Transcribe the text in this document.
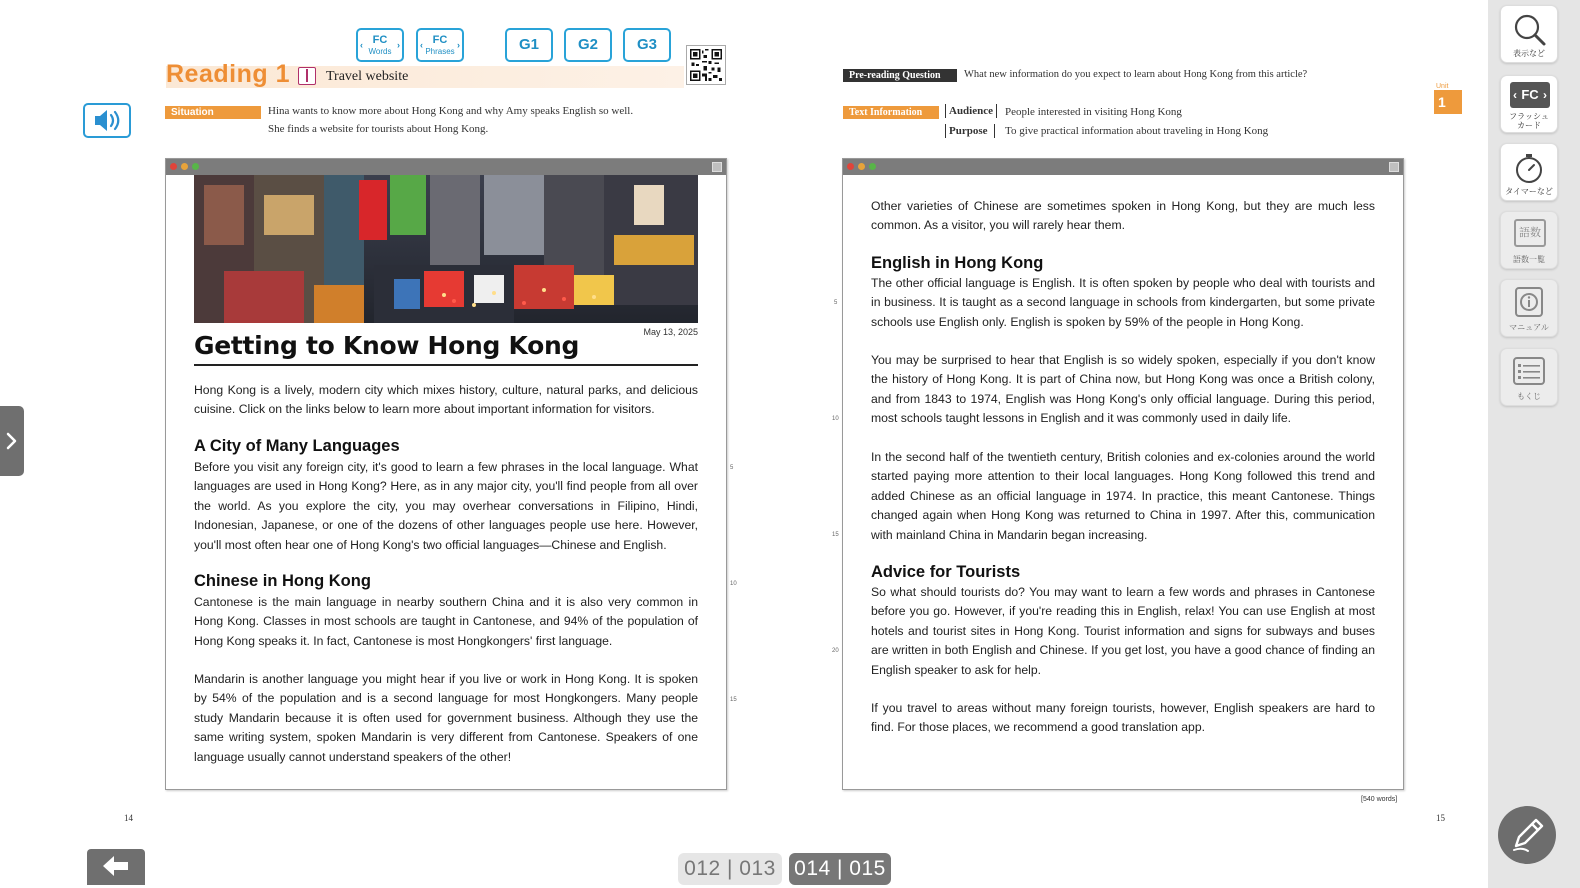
‹ FC
Words
› ‹ FC
Phrases
›	G1	G2	G3
Reading 1	Travel website
Situation	Hina wants to know more about Hong Kong and why Amy speaks English so well.
She finds a website for tourists about Hong Kong.
May 13, 2025
Getting to Know Hong Kong
Hong Kong is a lively, modern city which mixes history, culture, natural parks, and delicious cuisine. Click on the links below to learn more about important information for visitors.
A City of Many Languages
Before you visit any foreign city, it's good to learn a few phrases in the local language. What languages are used in Hong Kong? Here, as in any major city, you'll find people from all over the world. As you explore the city, you may overhear conversations in Filipino, Hindi, Indonesian, Japanese, or one of the dozens of other languages people use here. However, you'll most often hear one of Hong Kong's two official languages—Chinese and English.
Chinese in Hong Kong
Cantonese is the main language in nearby southern China and it is also very common in Hong Kong. Classes in most schools are taught in Cantonese, and 94% of the population of Hong Kong speaks it. In fact, Cantonese is most Hongkongers' first language.
Mandarin is another language you might hear if you live or work in Hong Kong. It is spoken by 54% of the population and is a second language for most Hongkongers. Many people study Mandarin because it is often used for government business. Although they use the same writing system, spoken Mandarin is very different from Cantonese. Speakers of one language usually cannot understand speakers of the other!
5
10
15
14
Pre-reading Question	What new information do you expect to learn about Hong Kong from this article?
Text Information	Audience	People interested in visiting Hong Kong
Purpose	To give practical information about traveling in Hong Kong
Unit
1
Other varieties of Chinese are sometimes spoken in Hong Kong, but they are much less common. As a visitor, you will rarely hear them.
English in Hong Kong
The other official language is English. It is often spoken by people who deal with tourists and in business. It is taught as a second language in schools from kindergarten, but some private schools use English only. English is spoken by 59% of the people in Hong Kong.
You may be surprised to hear that English is so widely spoken, especially if you don't know the history of Hong Kong. It is part of China now, but Hong Kong was once a British colony, and from 1843 to 1974, English was Hong Kong's only official language. During this period, most schools taught lessons in English and it was commonly used in daily life.
In the second half of the twentieth century, British colonies and ex-colonies around the world started paying more attention to their local languages. Hong Kong followed this trend and added Chinese as an official language in 1974. In practice, this meant Cantonese. Things changed again when Hong Kong was returned to China in 1997. After this, communication with mainland China in Mandarin began increasing.
Advice for Tourists
So what should tourists do? You may want to learn a few words and phrases in Cantonese before you go. However, if you're reading this in English, relax! You can use English at most hotels and tourist sites in Hong Kong. Tourist information and signs for subways and buses are written in both English and Chinese. If you get lost, you have a good chance of finding an English speaker to ask for help.
If you travel to areas without many foreign tourists, however, English speakers are hard to find. For those places, we recommend a good translation app.
5
10
15
20
[540 words]
15
012 | 013 014 | 015
表示など
‹ FC ›
フラッシュ
カード
タイマーなど
語数
語数一覧
マニュアル
もくじ
